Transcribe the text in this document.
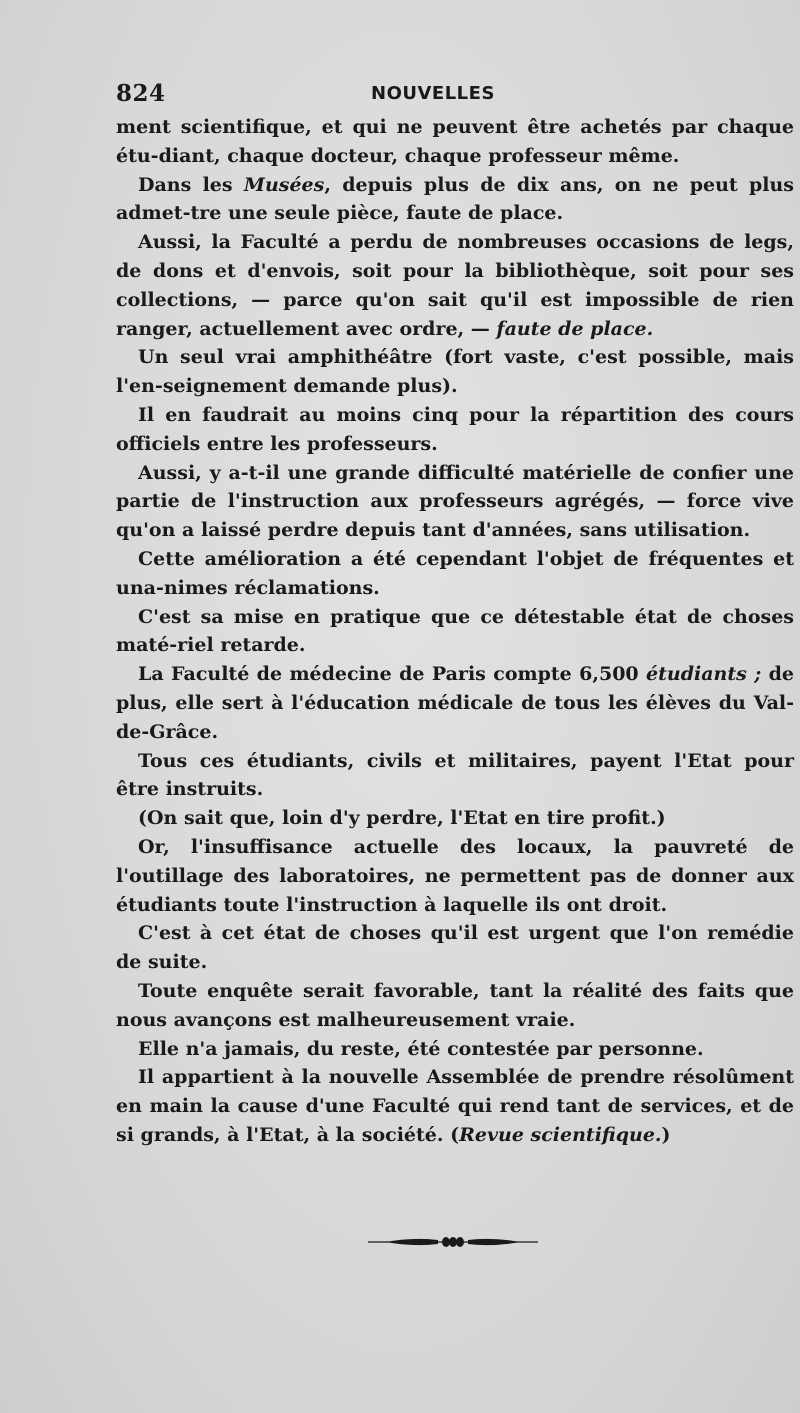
824	NOUVELLES

ment scientifique, et qui ne peuvent être achetés par chaque étu-diant, chaque docteur, chaque professeur même.

Dans les Musées, depuis plus de dix ans, on ne peut plus admet-tre une seule pièce, faute de place.

Aussi, la Faculté a perdu de nombreuses occasions de legs, de dons et d'envois, soit pour la bibliothèque, soit pour ses collections, — parce qu'on sait qu'il est impossible de rien ranger, actuellement avec ordre, — faute de place.

Un seul vrai amphithéâtre (fort vaste, c'est possible, mais l'en-seignement demande plus).

Il en faudrait au moins cinq pour la répartition des cours officiels entre les professeurs.

Aussi, y a-t-il une grande difficulté matérielle de confier une partie de l'instruction aux professeurs agrégés, — force vive qu'on a laissé perdre depuis tant d'années, sans utilisation.

Cette amélioration a été cependant l'objet de fréquentes et una-nimes réclamations.

C'est sa mise en pratique que ce détestable état de choses maté-riel retarde.

La Faculté de médecine de Paris compte 6,500 étudiants ; de plus, elle sert à l'éducation médicale de tous les élèves du Val-de-Grâce.

Tous ces étudiants, civils et militaires, payent l'Etat pour être instruits.

(On sait que, loin d'y perdre, l'Etat en tire profit.)

Or, l'insuffisance actuelle des locaux, la pauvreté de l'outillage des laboratoires, ne permettent pas de donner aux étudiants toute l'instruction à laquelle ils ont droit.

C'est à cet état de choses qu'il est urgent que l'on remédie de suite.

Toute enquête serait favorable, tant la réalité des faits que nous avançons est malheureusement vraie.

Elle n'a jamais, du reste, été contestée par personne.

Il appartient à la nouvelle Assemblée de prendre résolûment en main la cause d'une Faculté qui rend tant de services, et de si grands, à l'Etat, à la société. (Revue scientifique.)
